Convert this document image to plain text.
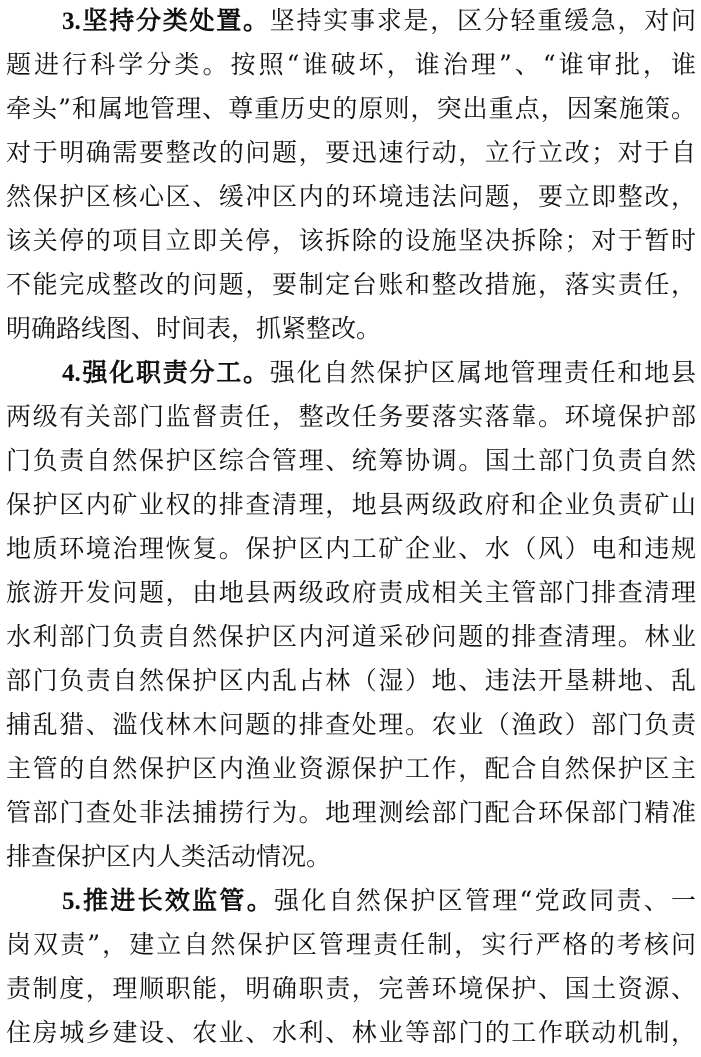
3.坚持分类处置。坚持实事求是，区分轻重缓急，对问
题进行科学分类。按照“谁破坏，谁治理”、“谁审批，谁
牵头”和属地管理、尊重历史的原则，突出重点，因案施策。
对于明确需要整改的问题，要迅速行动，立行立改；对于自
然保护区核心区、缓冲区内的环境违法问题，要立即整改，
该关停的项目立即关停，该拆除的设施坚决拆除；对于暂时
不能完成整改的问题，要制定台账和整改措施，落实责任，
明确路线图、时间表，抓紧整改。
4.强化职责分工。强化自然保护区属地管理责任和地县
两级有关部门监督责任，整改任务要落实落靠。环境保护部
门负责自然保护区综合管理、统筹协调。国土部门负责自然
保护区内矿业权的排查清理，地县两级政府和企业负责矿山
地质环境治理恢复。保护区内工矿企业、水（风）电和违规
旅游开发问题，由地县两级政府责成相关主管部门排查清理
水利部门负责自然保护区内河道采砂问题的排查清理。林业
部门负责自然保护区内乱占林（湿）地、违法开垦耕地、乱
捕乱猎、滥伐林木问题的排查处理。农业（渔政）部门负责
主管的自然保护区内渔业资源保护工作，配合自然保护区主
管部门查处非法捕捞行为。地理测绘部门配合环保部门精准
排查保护区内人类活动情况。
5.推进长效监管。强化自然保护区管理“党政同责、一
岗双责”，建立自然保护区管理责任制，实行严格的考核问
责制度，理顺职能，明确职责，完善环境保护、国土资源、
住房城乡建设、农业、水利、林业等部门的工作联动机制，
